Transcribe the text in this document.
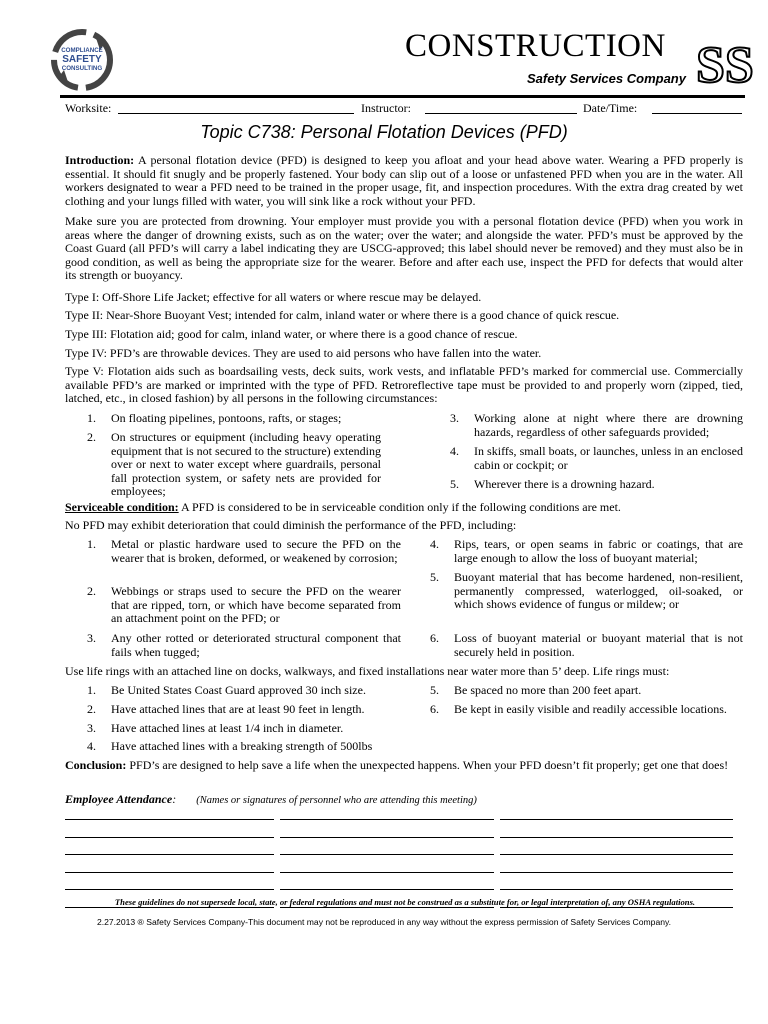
COMPLIANCE
SAFETY
CONSULTING
CONSTRUCTION
Safety Services Company SS
Worksite:	Instructor:	Date/Time:
Topic C738: Personal Flotation Devices (PFD)

Introduction: A personal flotation device (PFD) is designed to keep you afloat and your head above water. Wearing a PFD properly is essential. It should fit snugly and be properly fastened. Your body can slip out of a loose or unfastened PFD when you are in the water. All workers designated to wear a PFD need to be trained in the proper usage, fit, and inspection procedures. With the extra drag created by wet clothing and your lungs filled with water, you will sink like a rock without your PFD.

Make sure you are protected from drowning. Your employer must provide you with a personal flotation device (PFD) when you work in areas where the danger of drowning exists, such as on the water; over the water; and alongside the water. PFD’s must be approved by the Coast Guard (all PFD’s will carry a label indicating they are USCG-approved; this label should never be removed) and they must also be in good condition, as well as being the appropriate size for the wearer. Before and after each use, inspect the PFD for defects that would alter its strength or buoyancy.

Type I: Off-Shore Life Jacket; effective for all waters or where rescue may be delayed.
Type II: Near-Shore Buoyant Vest; intended for calm, inland water or where there is a good chance of quick rescue.
Type III: Flotation aid; good for calm, inland water, or where there is a good chance of rescue.
Type IV: PFD’s are throwable devices. They are used to aid persons who have fallen into the water.

Type V: Flotation aids such as boardsailing vests, deck suits, work vests, and inflatable PFD’s marked for commercial use. Commercially available PFD’s are marked or imprinted with the type of PFD. Retroreflective tape must be provided to and properly worn (zipped, tied, latched, etc., in closed fashion) by all persons in the following circumstances:

1.	On floating pipelines, pontoons, rafts, or stages;
2.	On structures or equipment (including heavy operating equipment that is not secured to the structure) extending over or next to water except where guardrails, personal fall protection system, or safety nets are provided for employees;
3.	Working alone at night where there are drowning hazards, regardless of other safeguards provided;
4.	In skiffs, small boats, or launches, unless in an enclosed cabin or cockpit; or
5.	Wherever there is a drowning hazard.
Serviceable condition: A PFD is considered to be in serviceable condition only if the following conditions are met.
No PFD may exhibit deterioration that could diminish the performance of the PFD, including:
1.	Metal or plastic hardware used to secure the PFD on the wearer that is broken, deformed, or weakened by corrosion;
2.	Webbings or straps used to secure the PFD on the wearer that are ripped, torn, or which have become separated from an attachment point on the PFD; or
3.	Any other rotted or deteriorated structural component that fails when tugged;
4.	Rips, tears, or open seams in fabric or coatings, that are large enough to allow the loss of buoyant material;
5.	Buoyant material that has become hardened, non-resilient, permanently compressed, waterlogged, oil-soaked, or which shows evidence of fungus or mildew; or
6.	Loss of buoyant material or buoyant material that is not securely held in position.
Use life rings with an attached line on docks, walkways, and fixed installations near water more than 5’ deep. Life rings must:
1.	Be United States Coast Guard approved 30 inch size.
2.	Have attached lines that are at least 90 feet in length.
3.	Have attached lines at least 1/4 inch in diameter.
4.	Have attached lines with a breaking strength of 500lbs
5.	Be spaced no more than 200 feet apart.
6.	Be kept in easily visible and readily accessible locations.

Conclusion: PFD’s are designed to help save a life when the unexpected happens. When your PFD doesn’t fit properly; get one that does!

Employee Attendance: (Names or signatures of personnel who are attending this meeting)
These guidelines do not supersede local, state, or federal regulations and must not be construed as a substitute for, or legal interpretation of, any OSHA regulations.
2.27.2013 ® Safety Services Company-This document may not be reproduced in any way without the express permission of Safety Services Company.
